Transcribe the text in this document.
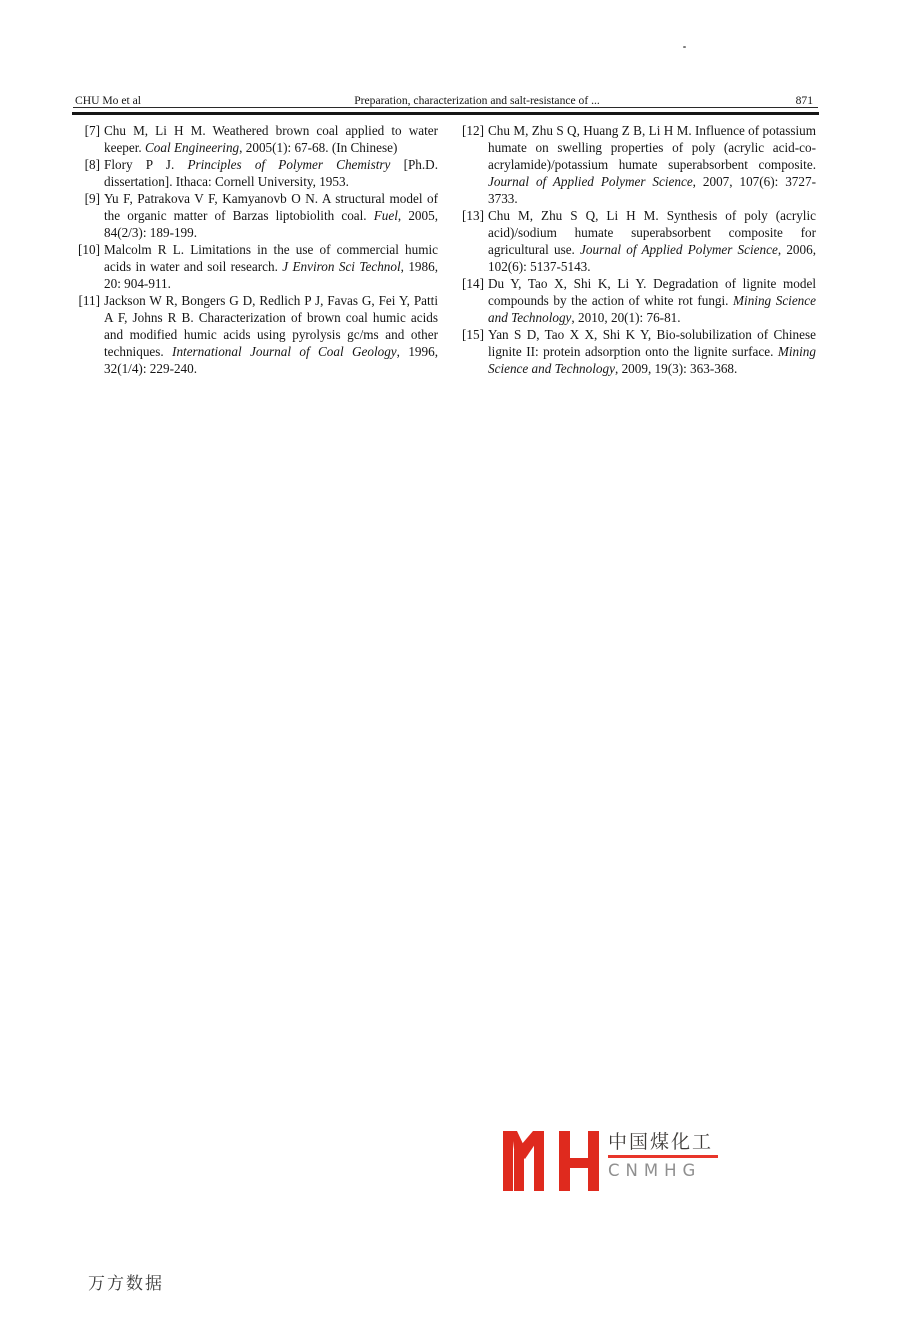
CHU Mo et al	Preparation, characterization and salt-resistance of ...	871
[7] Chu M, Li H M. Weathered brown coal applied to water keeper. Coal Engineering, 2005(1): 67-68. (In Chinese)
[8] Flory P J. Principles of Polymer Chemistry [Ph.D. dissertation]. Ithaca: Cornell University, 1953.
[9] Yu F, Patrakova V F, Kamyanovb O N. A structural model of the organic matter of Barzas liptobiolith coal. Fuel, 2005, 84(2/3): 189-199.
[10] Malcolm R L. Limitations in the use of commercial humic acids in water and soil research. J Environ Sci Technol, 1986, 20: 904-911.
[11] Jackson W R, Bongers G D, Redlich P J, Favas G, Fei Y, Patti A F, Johns R B. Characterization of brown coal humic acids and modified humic acids using pyrolysis gc/ms and other techniques. International Journal of Coal Geology, 1996, 32(1/4): 229-240.
[12] Chu M, Zhu S Q, Huang Z B, Li H M. Influence of potassium humate on swelling properties of poly (acrylic acid-co-acrylamide)/potassium humate superabsorbent composite. Journal of Applied Polymer Science, 2007, 107(6): 3727-3733.
[13] Chu M, Zhu S Q, Li H M. Synthesis of poly (acrylic acid)/sodium humate superabsorbent composite for agricultural use. Journal of Applied Polymer Science, 2006, 102(6): 5137-5143.
[14] Du Y, Tao X, Shi K, Li Y. Degradation of lignite model compounds by the action of white rot fungi. Mining Science and Technology, 2010, 20(1): 76-81.
[15] Yan S D, Tao X X, Shi K Y, Bio-solubilization of Chinese lignite II: protein adsorption onto the lignite surface. Mining Science and Technology, 2009, 19(3): 363-368.
中国煤化工
CNMHG
万方数据
